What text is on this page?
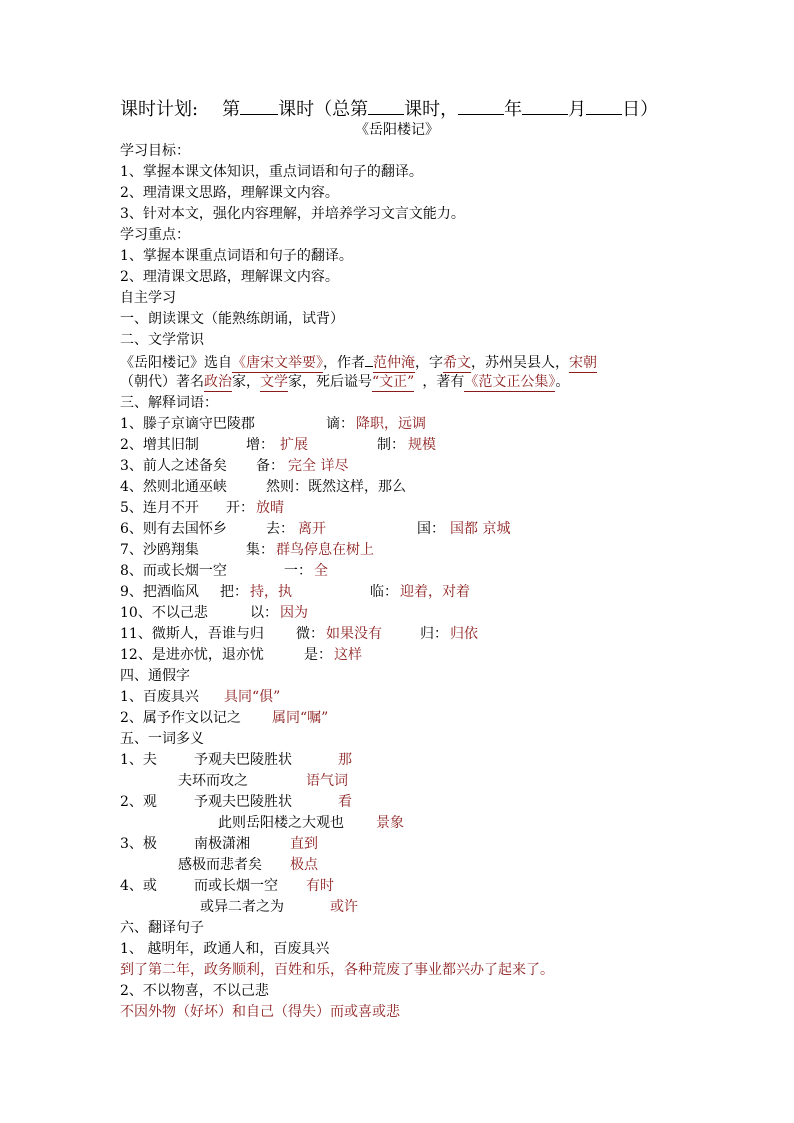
课时计划: 第 课时（总第 课时，	年	月 日）
《岳阳楼记》
学习目标：
1、掌握本课文体知识，重点词语和句子的翻译。
2、理清课文思路，理解课文内容。
3、针对本文，强化内容理解，并培养学习文言文能力。
学习重点：
1、掌握本课重点词语和句子的翻译。
2、理清课文思路，理解课文内容。
自主学习
一、朗读课文（能熟练朗诵，试背）
二、文学常识
《岳阳楼记》选自《唐宋文举要》，作者 范仲淹，字希文，苏州吴县人，宋朝
（朝代）著名政治家，文学家，死后谥号“文正” ，著有《范文正公集》。
三、解释词语：
1、滕子京谪守巴陵郡	谪： 降职，远调
2、增其旧制	增： 扩展	制： 规模
3、前人之述备矣 备： 完全 详尽
4、然则北通巫峡	然则：既然这样，那么
5、连月不开 开： 放晴
6、则有去国怀乡	去： 离开	国： 国都 京城
7、沙鸥翔集	集： 群鸟停息在树上
8、而或长烟一空	一： 全
9、把酒临风 把： 持，执	临： 迎着，对着
10、不以己悲	以： 因为
11、微斯人，吾谁与归 微： 如果没有	归： 归依
12、是进亦忧，退亦忧	是： 这样
四、通假字
1、百废具兴 具同“俱”
2、属予作文以记之 属同“嘱”
五、一词多义
1、夫	予观夫巴陵胜状	那
夫环而攻之	语气词
2、观	予观夫巴陵胜状	看
此则岳阳楼之大观也 景象
3、极	南极潇湘	直到
感极而悲者矣 极点
4、或	而或长烟一空 有时
或异二者之为	或许
六、翻译句子
1、 越明年，政通人和，百废具兴
到了第二年，政务顺利，百姓和乐，各种荒废了事业都兴办了起来了。
2、不以物喜，不以己悲
不因外物（好坏）和自己（得失）而或喜或悲
